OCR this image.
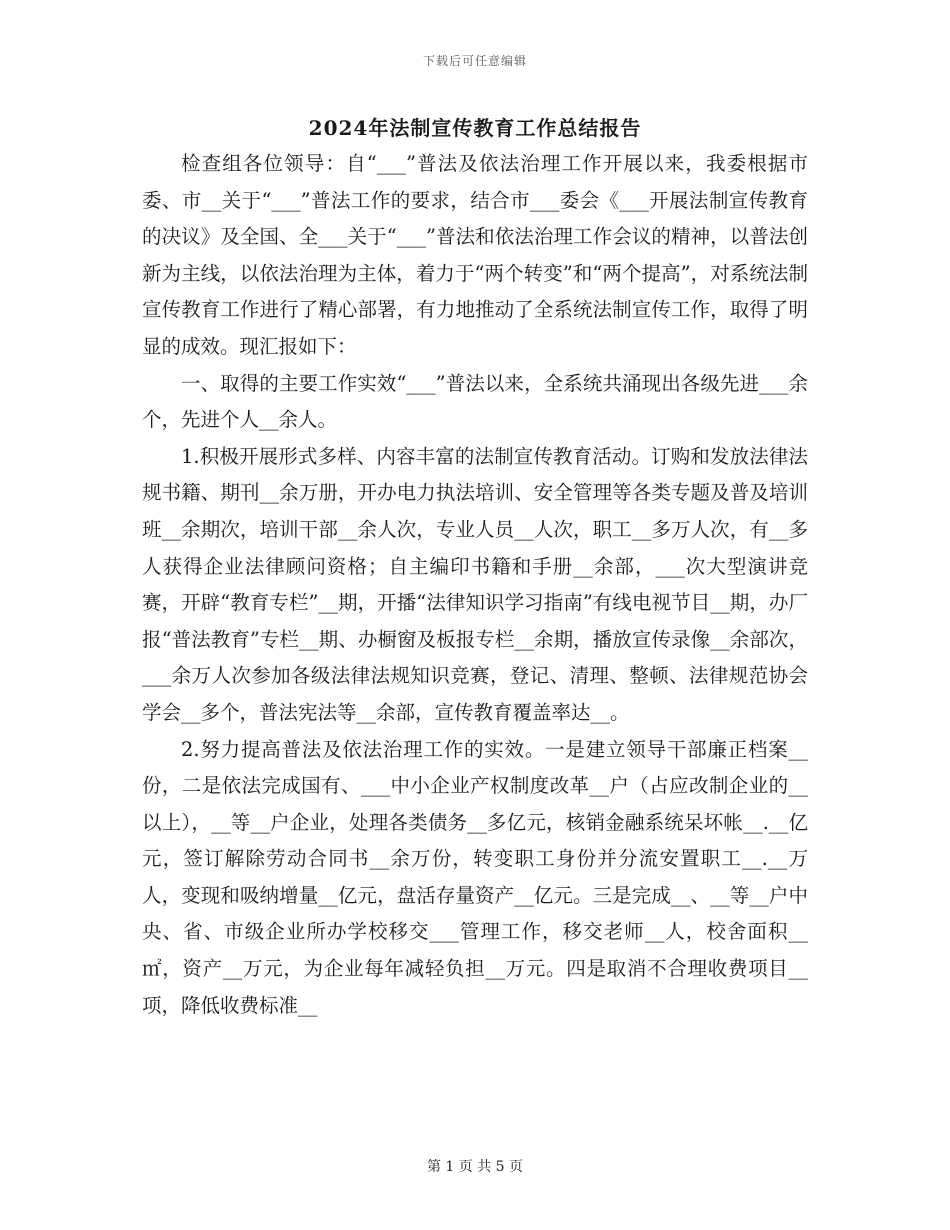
下载后可任意编辑
2024年法制宣传教育工作总结报告

检查组各位领导：自“___”普法及依法治理工作开展以来，我委根据市委、市__关于“___”普法工作的要求，结合市___委会《___开展法制宣传教育的决议》及全国、全___关于“___”普法和依法治理工作会议的精神，以普法创新为主线，以依法治理为主体，着力于“两个转变”和“两个提高”，对系统法制宣传教育工作进行了精心部署，有力地推动了全系统法制宣传工作，取得了明显的成效。现汇报如下：

一、取得的主要工作实效“___”普法以来，全系统共涌现出各级先进___余个，先进个人__余人。

1.积极开展形式多样、内容丰富的法制宣传教育活动。订购和发放法律法规书籍、期刊__余万册，开办电力执法培训、安全管理等各类专题及普及培训班__余期次，培训干部__余人次，专业人员__人次，职工__多万人次，有__多人获得企业法律顾问资格；自主编印书籍和手册__余部，___次大型演讲竞赛，开辟“教育专栏”__期，开播“法律知识学习指南”有线电视节目__期，办厂报“普法教育”专栏__期、办橱窗及板报专栏__余期，播放宣传录像__余部次，___余万人次参加各级法律法规知识竞赛，登记、清理、整顿、法律规范协会学会__多个，普法宪法等__余部，宣传教育覆盖率达__。

2.努力提高普法及依法治理工作的实效。一是建立领导干部廉正档案__份，二是依法完成国有、___中小企业产权制度改革__户（占应改制企业的__以上），__等__户企业，处理各类债务__多亿元，核销金融系统呆坏帐__.__亿元，签订解除劳动合同书__余万份，转变职工身份并分流安置职工__.__万人，变现和吸纳增量__亿元，盘活存量资产__亿元。三是完成__、__等__户中央、省、市级企业所办学校移交___管理工作，移交老师__人，校舍面积__㎡，资产__万元，为企业每年减轻负担__万元。四是取消不合理收费项目__项，降低收费标准__

第 1 页 共 5 页
